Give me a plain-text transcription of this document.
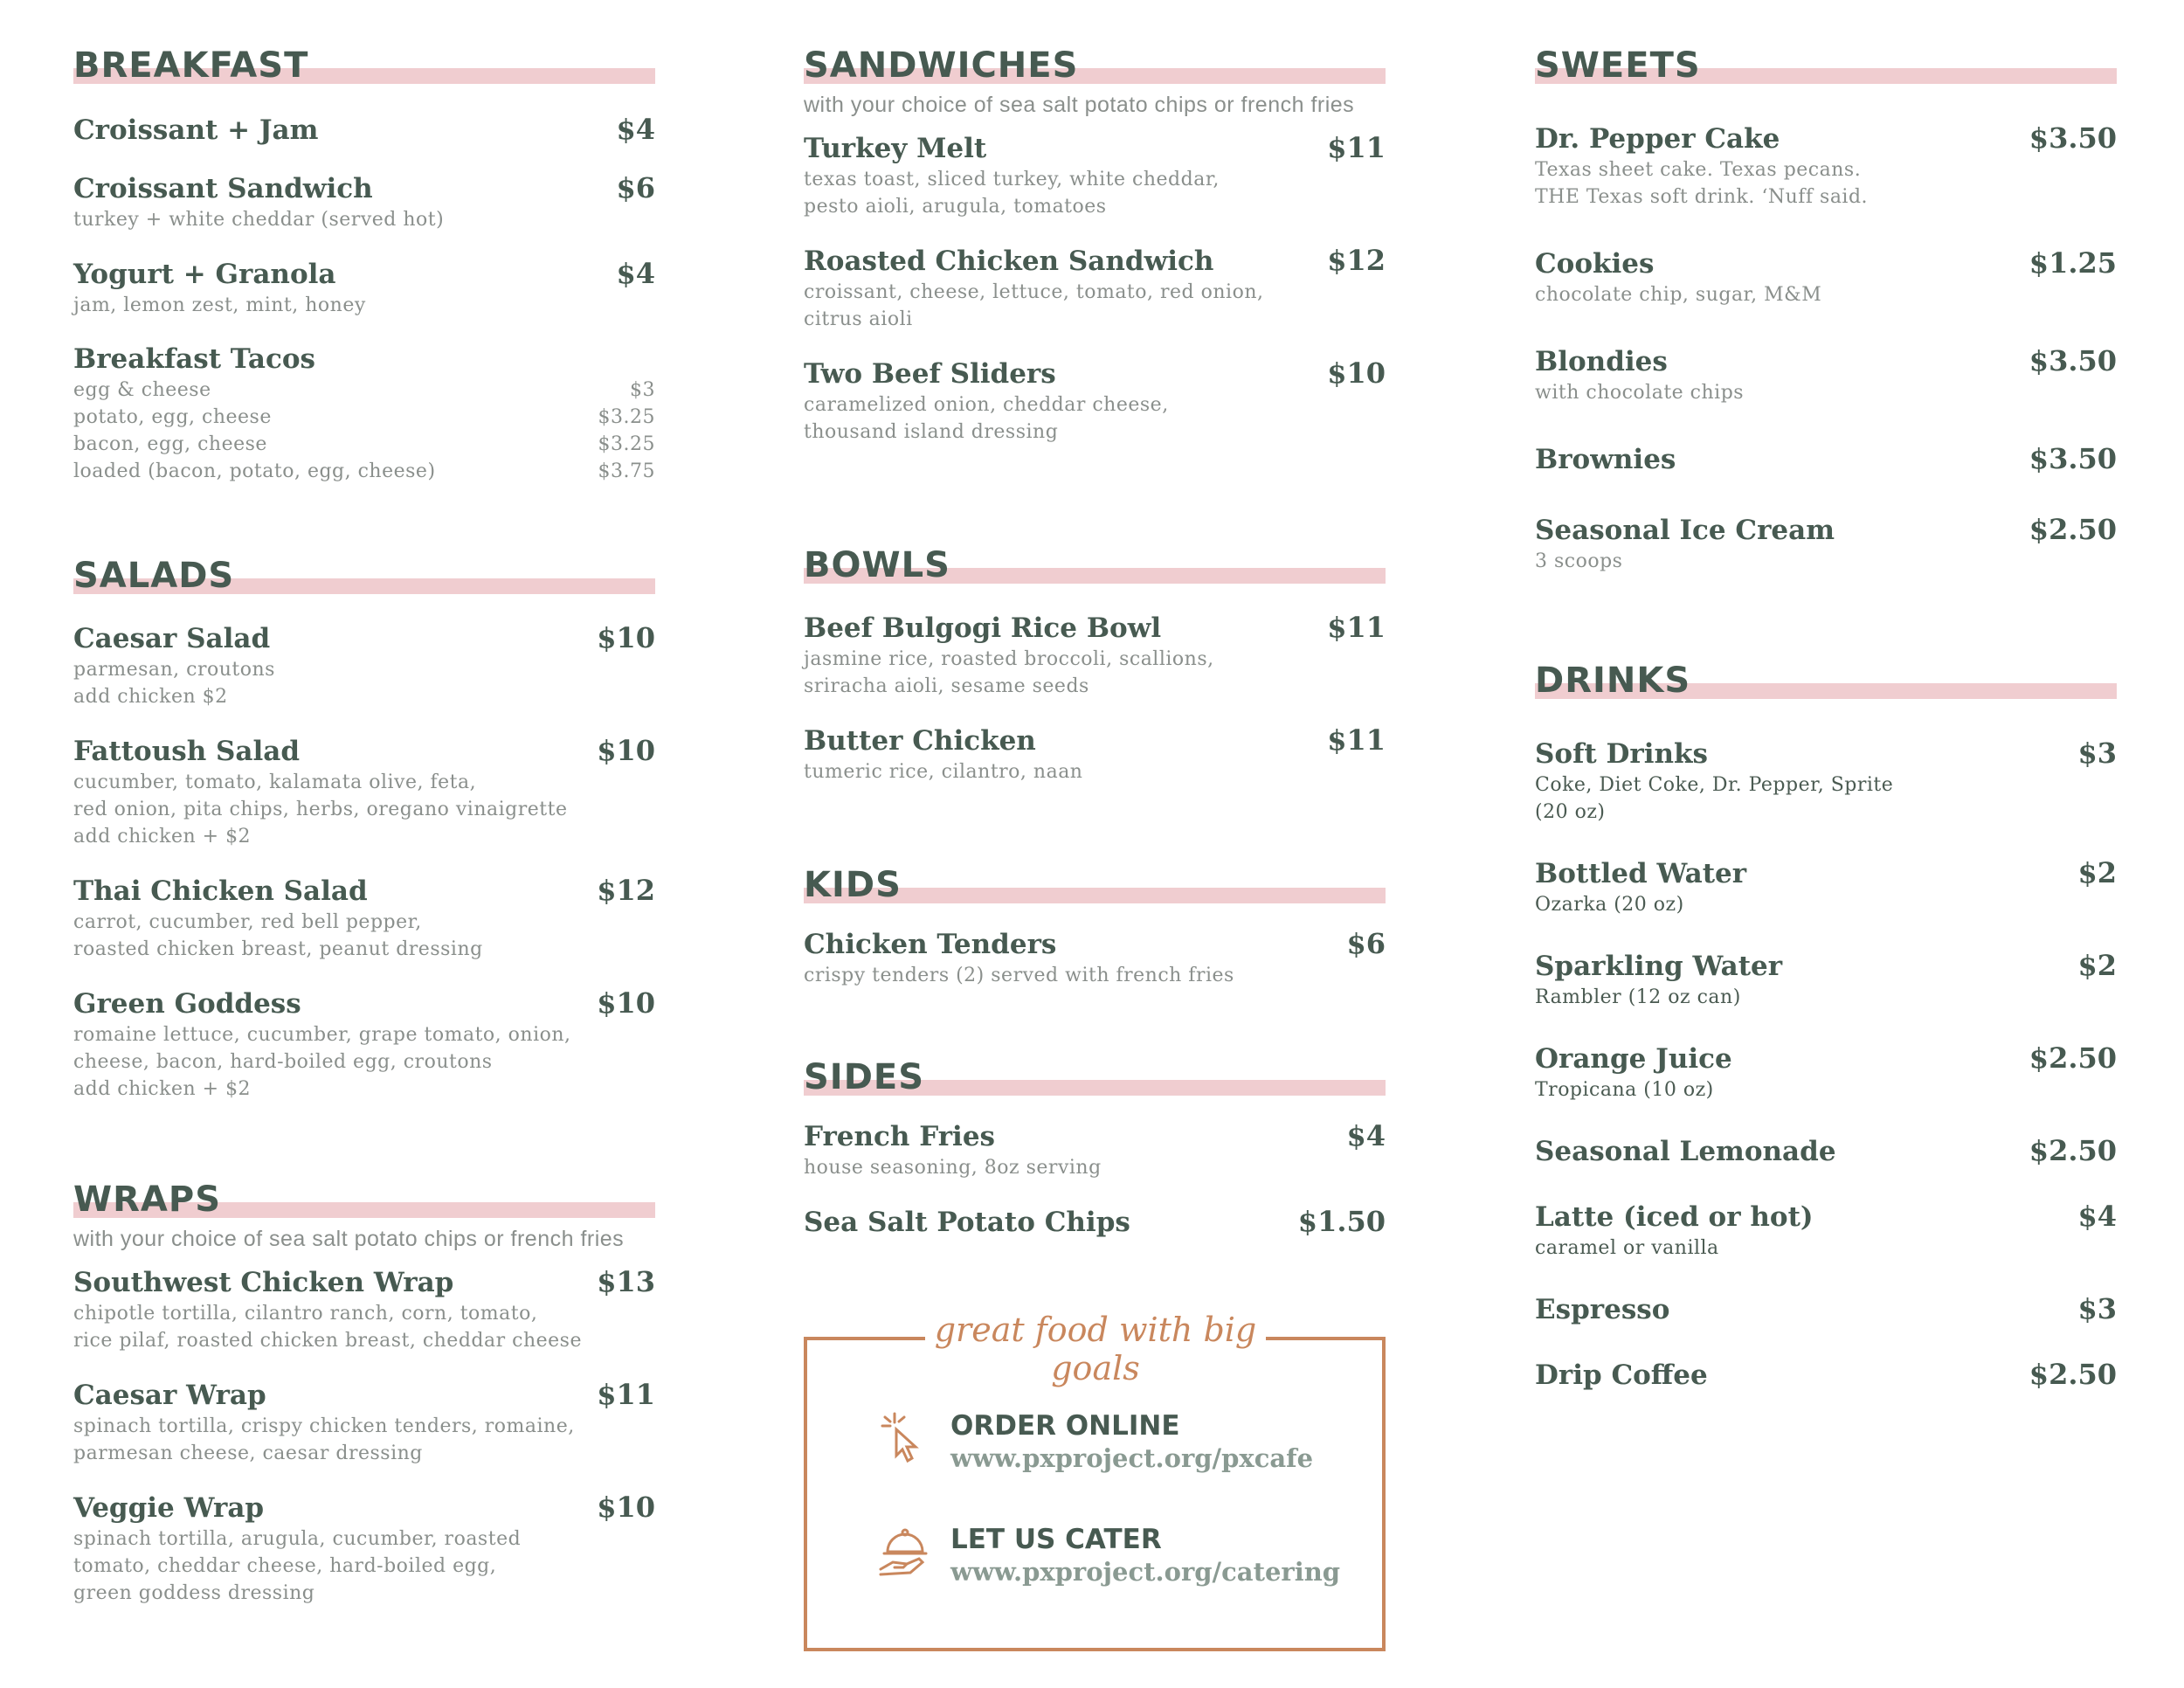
BREAKFAST
Croissant + Jam	$4
Croissant Sandwich	$6
turkey + white cheddar (served hot)
Yogurt + Granola	$4
jam, lemon zest, mint, honey
Breakfast Tacos
egg & cheese	$3
potato, egg, cheese	$3.25
bacon, egg, cheese	$3.25
loaded (bacon, potato, egg, cheese)	$3.75
SALADS
Caesar Salad	$10
parmesan, croutons
add chicken $2
Fattoush Salad	$10
cucumber, tomato, kalamata olive, feta,
red onion, pita chips, herbs, oregano vinaigrette
add chicken + $2
Thai Chicken Salad	$12
carrot, cucumber, red bell pepper,
roasted chicken breast, peanut dressing
Green Goddess	$10
romaine lettuce, cucumber, grape tomato, onion,
cheese, bacon, hard-boiled egg, croutons
add chicken + $2
WRAPS
with your choice of sea salt potato chips or french fries
Southwest Chicken Wrap	$13
chipotle tortilla, cilantro ranch, corn, tomato,
rice pilaf, roasted chicken breast, cheddar cheese
Caesar Wrap	$11
spinach tortilla, crispy chicken tenders, romaine,
parmesan cheese, caesar dressing
Veggie Wrap	$10
spinach tortilla, arugula, cucumber, roasted
tomato, cheddar cheese, hard-boiled egg,
green goddess dressing
SANDWICHES
with your choice of sea salt potato chips or french fries
Turkey Melt	$11
texas toast, sliced turkey, white cheddar,
pesto aioli, arugula, tomatoes
Roasted Chicken Sandwich	$12
croissant, cheese, lettuce, tomato, red onion,
citrus aioli
Two Beef Sliders	$10
caramelized onion, cheddar cheese,
thousand island dressing
BOWLS
Beef Bulgogi Rice Bowl	$11
jasmine rice, roasted broccoli, scallions,
sriracha aioli, sesame seeds
Butter Chicken	$11
tumeric rice, cilantro, naan
KIDS
Chicken Tenders	$6
crispy tenders (2) served with french fries
SIDES
French Fries	$4
house seasoning, 8oz serving
Sea Salt Potato Chips	$1.50
great food with big goals
ORDER ONLINE
www.pxproject.org/pxcafe
LET US CATER
www.pxproject.org/catering
SWEETS
Dr. Pepper Cake	$3.50
Texas sheet cake. Texas pecans.
THE Texas soft drink. ‘Nuff said.
Cookies	$1.25
chocolate chip, sugar, M&M
Blondies	$3.50
with chocolate chips
Brownies	$3.50
Seasonal Ice Cream	$2.50
3 scoops
DRINKS
Soft Drinks	$3
Coke, Diet Coke, Dr. Pepper, Sprite
(20 oz)
Bottled Water	$2
Ozarka (20 oz)
Sparkling Water	$2
Rambler (12 oz can)
Orange Juice	$2.50
Tropicana (10 oz)
Seasonal Lemonade	$2.50
Latte (iced or hot)	$4
caramel or vanilla
Espresso	$3
Drip Coffee	$2.50
